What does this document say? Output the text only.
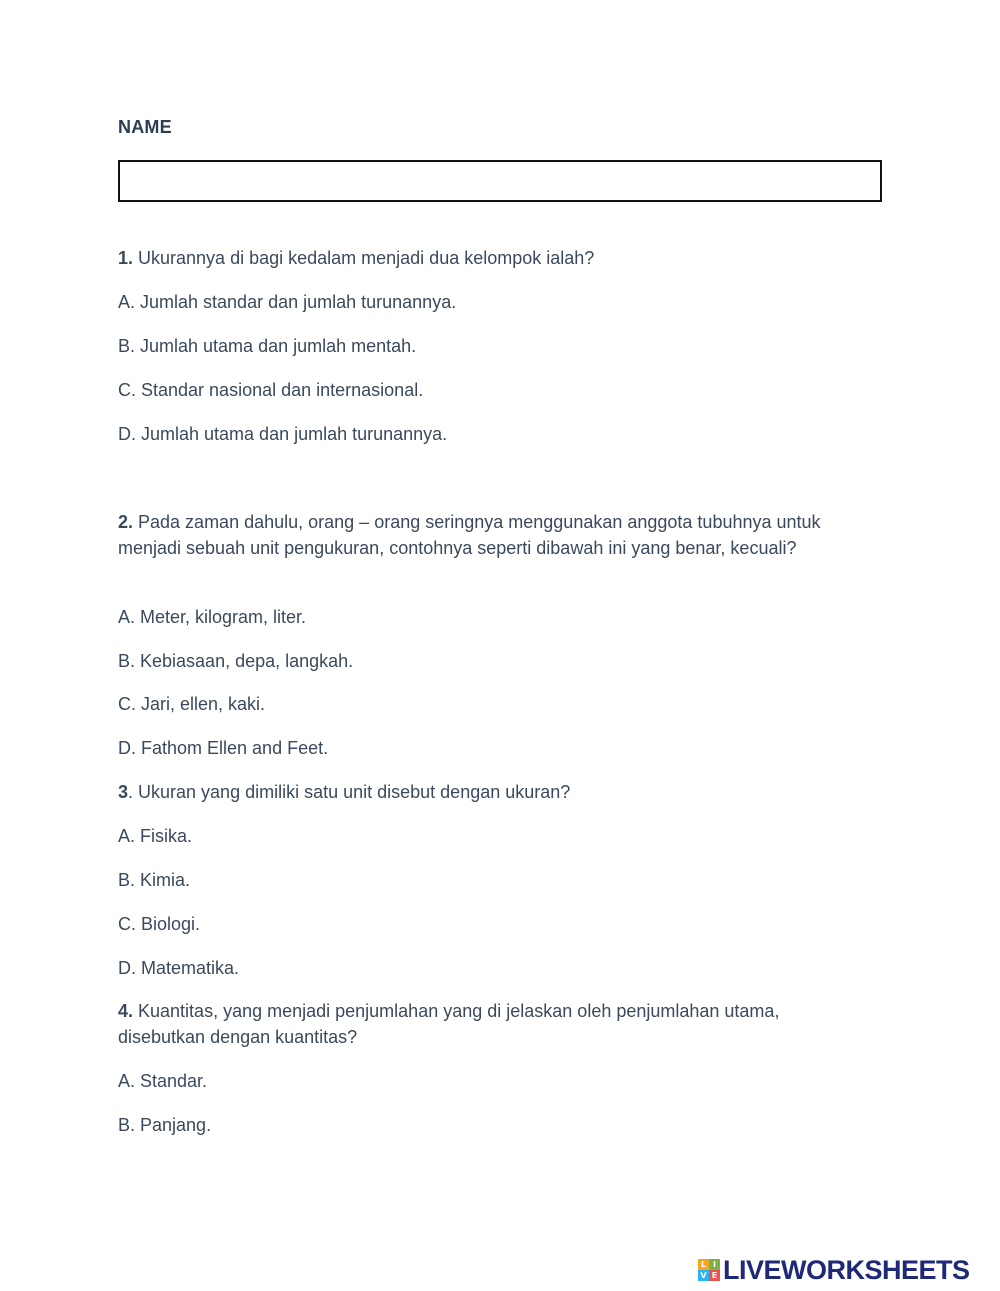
NAME
1. Ukurannya di bagi kedalam menjadi dua kelompok ialah?
A. Jumlah standar dan jumlah turunannya.
B. Jumlah utama dan jumlah mentah.
C. Standar nasional dan internasional.
D. Jumlah utama dan jumlah turunannya.
2. Pada zaman dahulu, orang – orang seringnya menggunakan anggota tubuhnya untuk menjadi sebuah unit pengukuran, contohnya seperti dibawah ini yang benar, kecuali?
A. Meter, kilogram, liter.
B. Kebiasaan, depa, langkah.
C. Jari, ellen, kaki.
D. Fathom Ellen and Feet.
3. Ukuran yang dimiliki satu unit disebut dengan ukuran?
A. Fisika.
B. Kimia.
C. Biologi.
D. Matematika.
4. Kuantitas, yang menjadi penjumlahan yang di jelaskan oleh penjumlahan utama, disebutkan dengan kuantitas?
A. Standar.
B. Panjang.
L I
V E LIVEWORKSHEETS
